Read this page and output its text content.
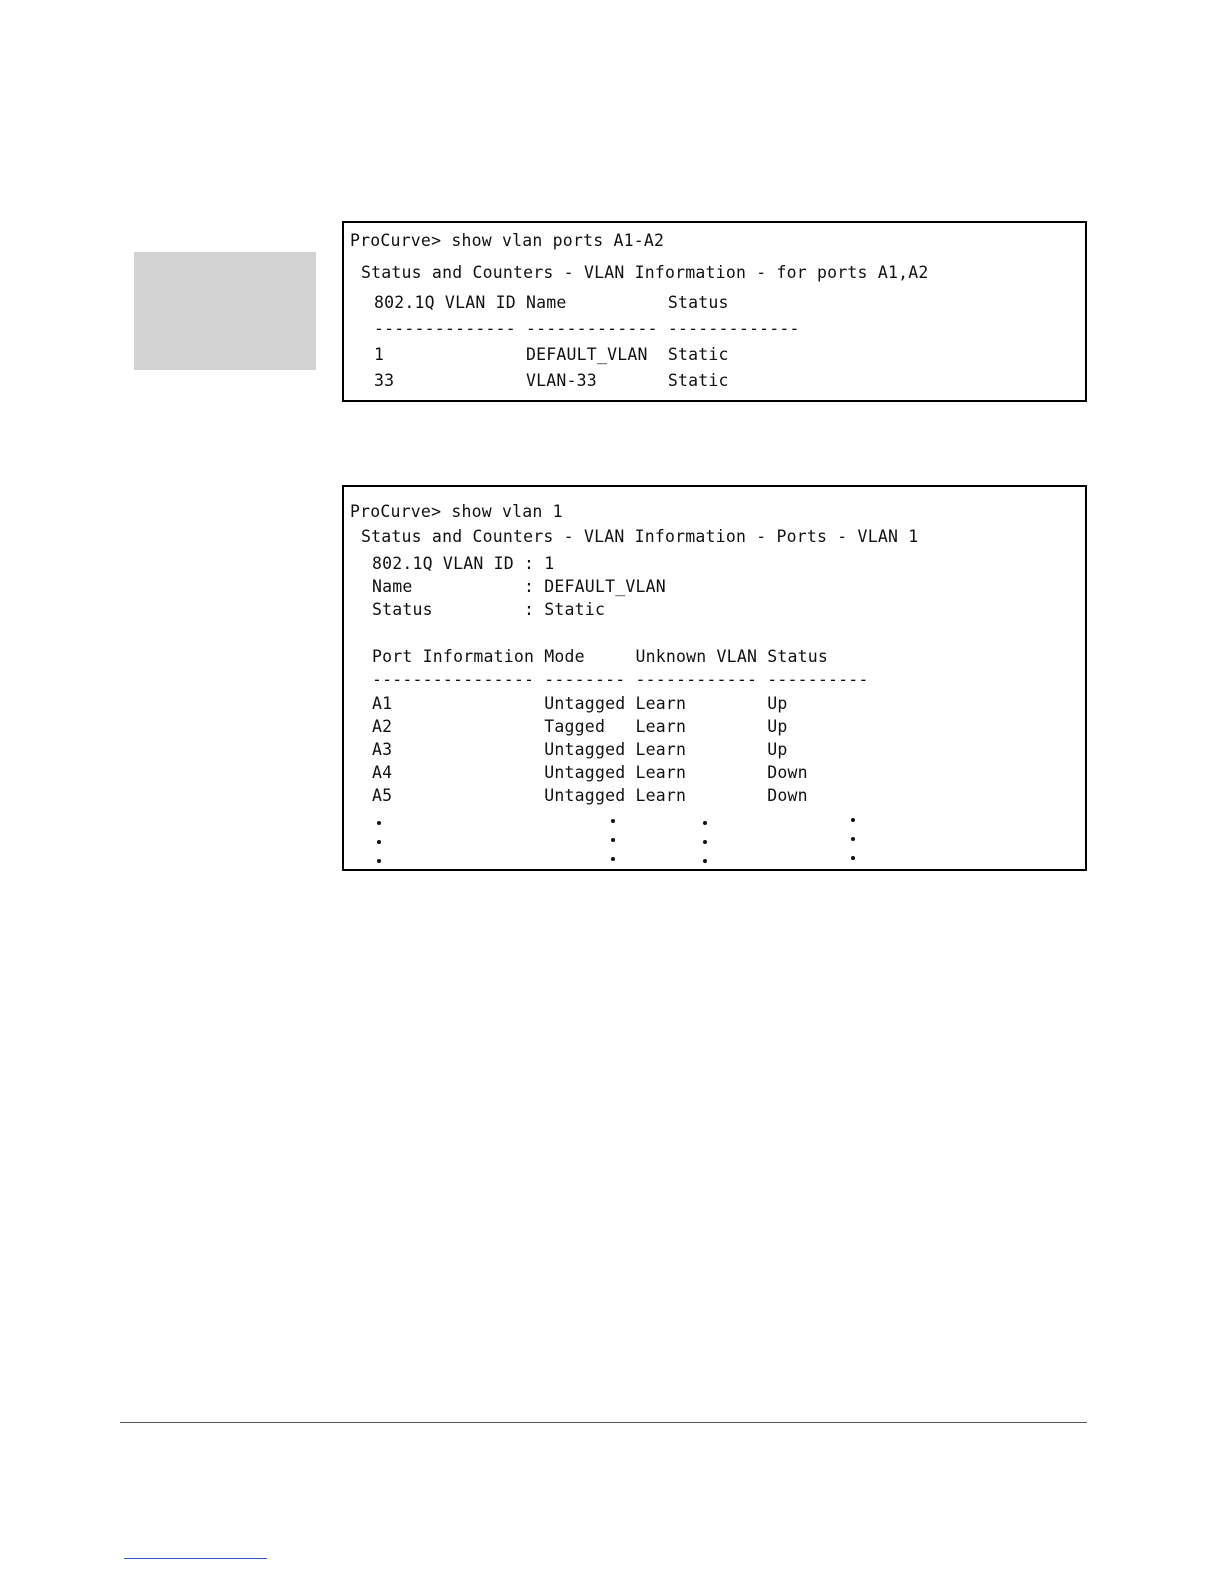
ProCurve> show vlan ports A1-A2
Status and Counters - VLAN Information - for ports A1,A2
802.1Q VLAN ID Name          Status
-------------- ------------- -------------
1              DEFAULT_VLAN  Static
33             VLAN-33       Static
ProCurve> show vlan 1
Status and Counters - VLAN Information - Ports - VLAN 1
802.1Q VLAN ID : 1
Name           : DEFAULT_VLAN
Status         : Static
Port Information Mode     Unknown VLAN Status
---------------- -------- ------------ ----------
A1               Untagged Learn        Up
A2               Tagged   Learn        Up
A3               Untagged Learn        Up
A4               Untagged Learn        Down
A5               Untagged Learn        Down
